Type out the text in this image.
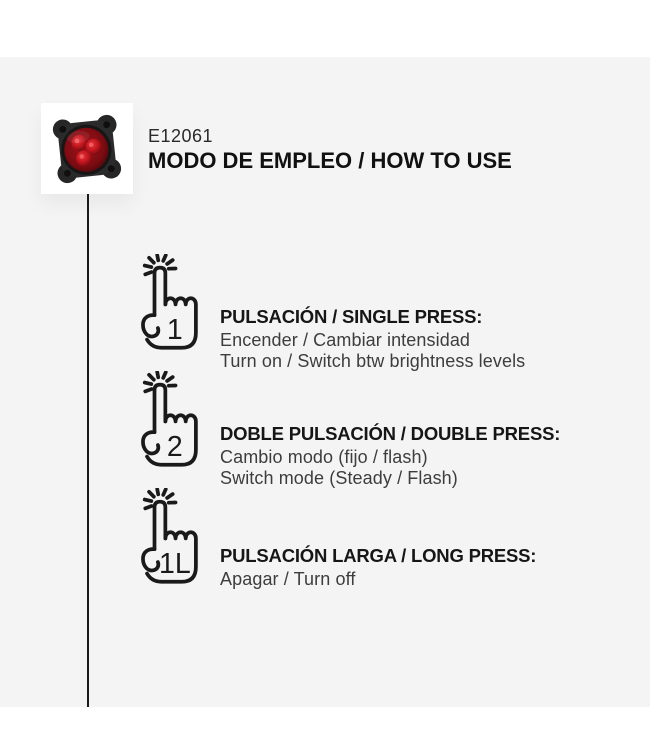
E12061
MODO DE EMPLEO / HOW TO USE
1 PULSACIÓN / SINGLE PRESS:
Encender / Cambiar intensidad
Turn on / Switch btw brightness levels
2 DOBLE PULSACIÓN / DOUBLE PRESS:
Cambio modo (fijo / flash)
Switch mode (Steady / Flash)
1L PULSACIÓN LARGA / LONG PRESS:
Apagar / Turn off
